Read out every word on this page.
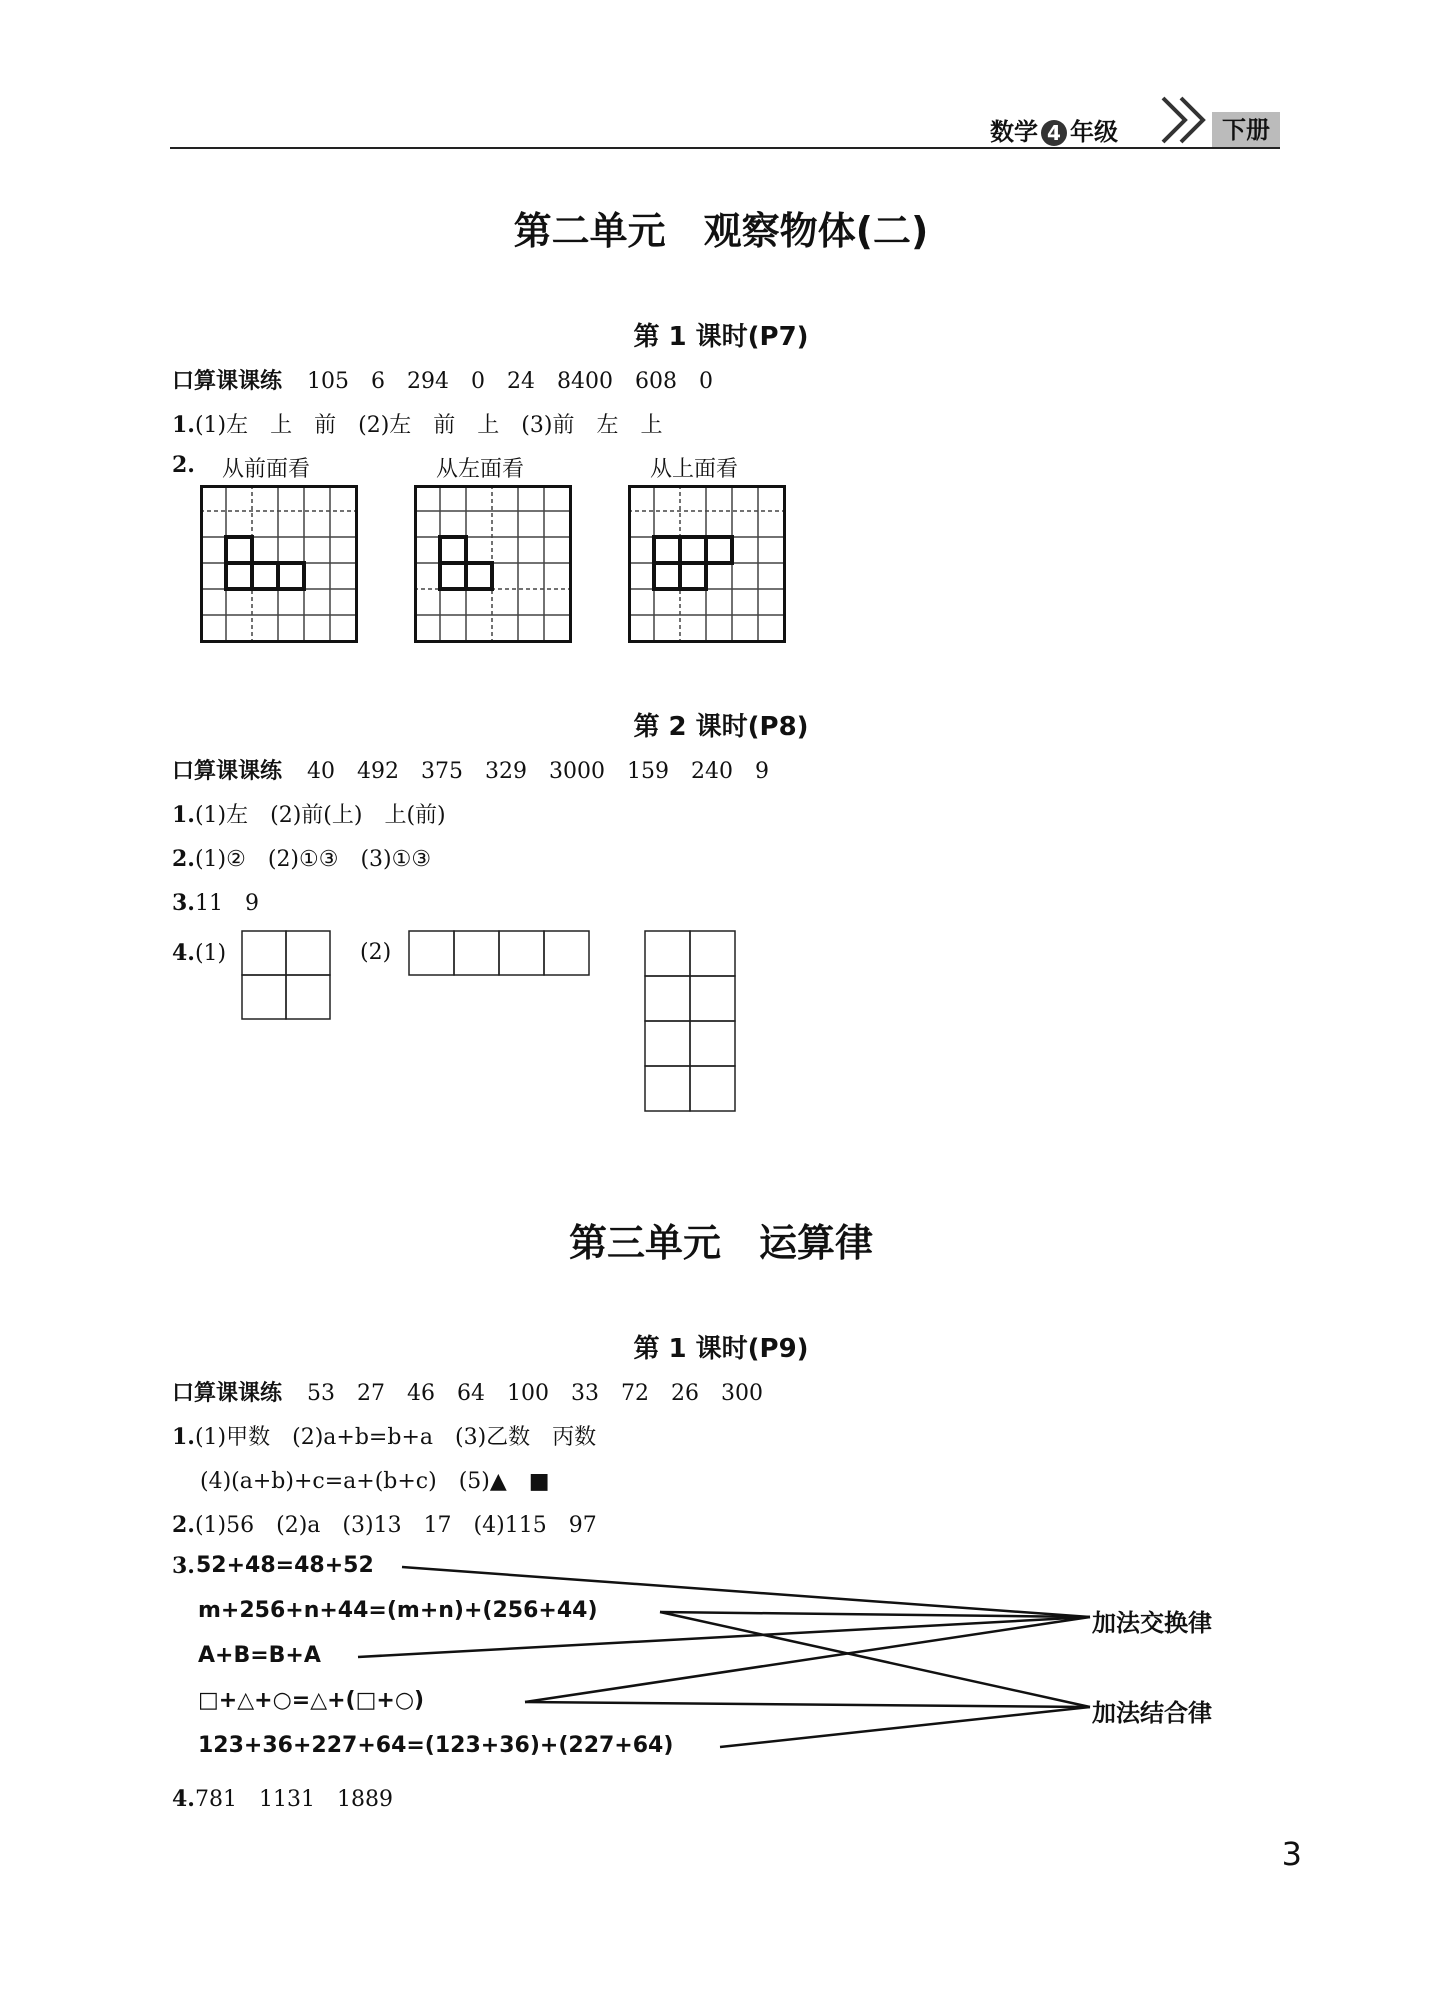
数学 4 年级	下册
第二单元　观察物体(二)
第 1 课时(P7)
口算课课练 105 6 294 0 24 8400 608 0
1.(1)左　上　前　(2)左　前　上　(3)前　左　上
2. 从前面看	从左面看	从上面看
第 2 课时(P8)
口算课课练 40 492 375 329 3000 159 240 9
1.(1)左　(2)前(上)　上(前)
2.(1)②　(2)①③　(3)①③
3.11　9
4.(1)	(2)
第三单元　运算律
第 1 课时(P9)
口算课课练 53 27 46 64 100 33 72 26 300
1.(1)甲数　(2)a+b=b+a　(3)乙数　丙数
(4)(a+b)+c=a+(b+c)　(5)▲　■
2.(1)56　(2)a　(3)13　17　(4)115　97
3. 52+48=48+52
m+256+n+44=(m+n)+(256+44)
A+B=B+A
□+△+○=△+(□+○)
123+36+227+64=(123+36)+(227+64)
加法交换律
加法结合律
4.781　1131　1889
3
